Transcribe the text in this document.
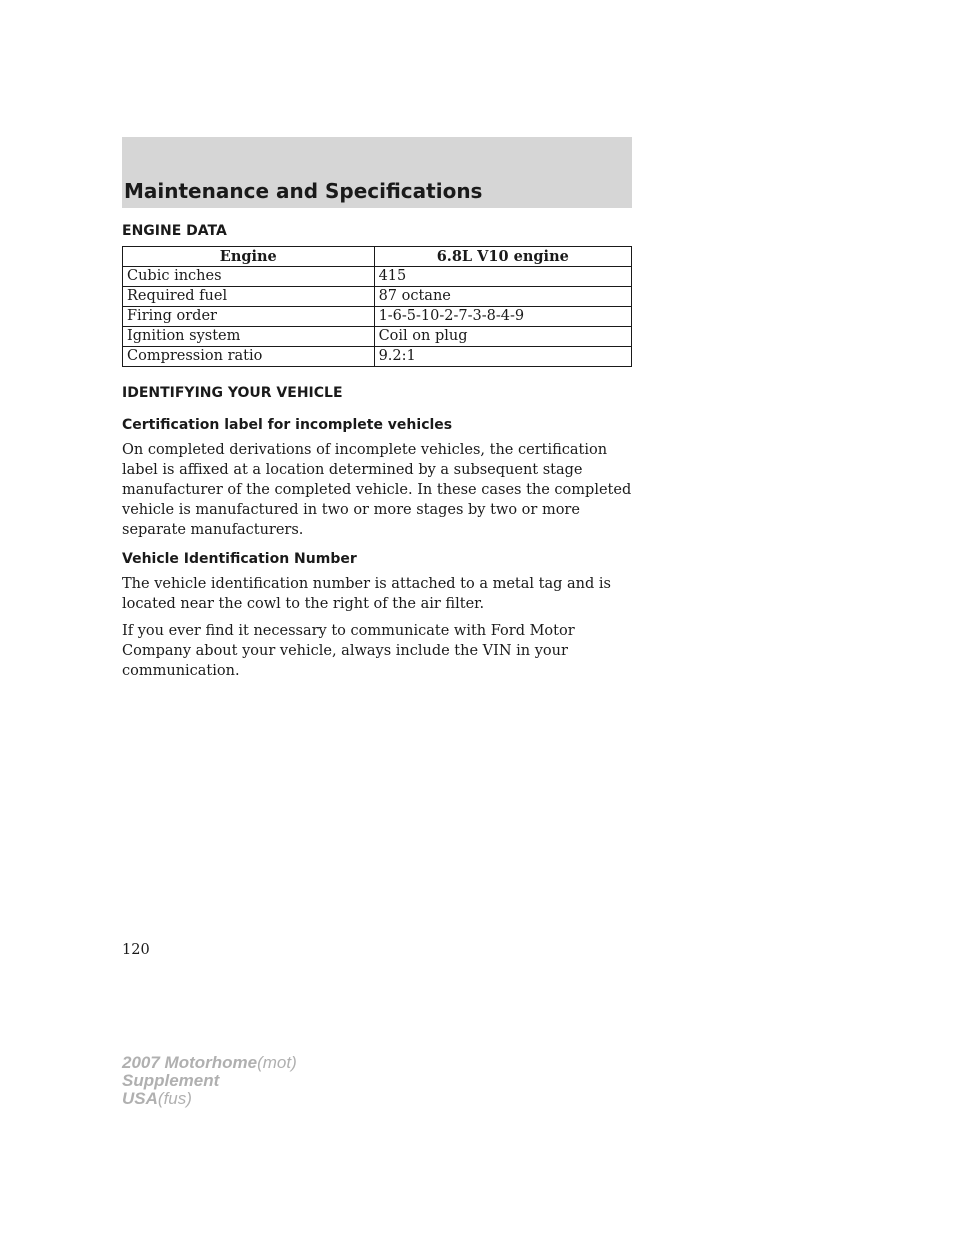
Maintenance and Specifications
ENGINE DATA
Engine	6.8L V10 engine
Cubic inches	415
Required fuel	87 octane
Firing order	1-6-5-10-2-7-3-8-4-9
Ignition system	Coil on plug
Compression ratio	9.2:1
IDENTIFYING YOUR VEHICLE
Certification label for incomplete vehicles

On completed derivations of incomplete vehicles, the certification label is affixed at a location determined by a subsequent stage manufacturer of the completed vehicle. In these cases the completed vehicle is manufactured in two or more stages by two or more separate manufacturers.

Vehicle Identification Number

The vehicle identification number is attached to a metal tag and is located near the cowl to the right of the air filter.

If you ever find it necessary to communicate with Ford Motor Company about your vehicle, always include the VIN in your communication.

120
2007 Motorhome(mot)
Supplement
USA(fus)
